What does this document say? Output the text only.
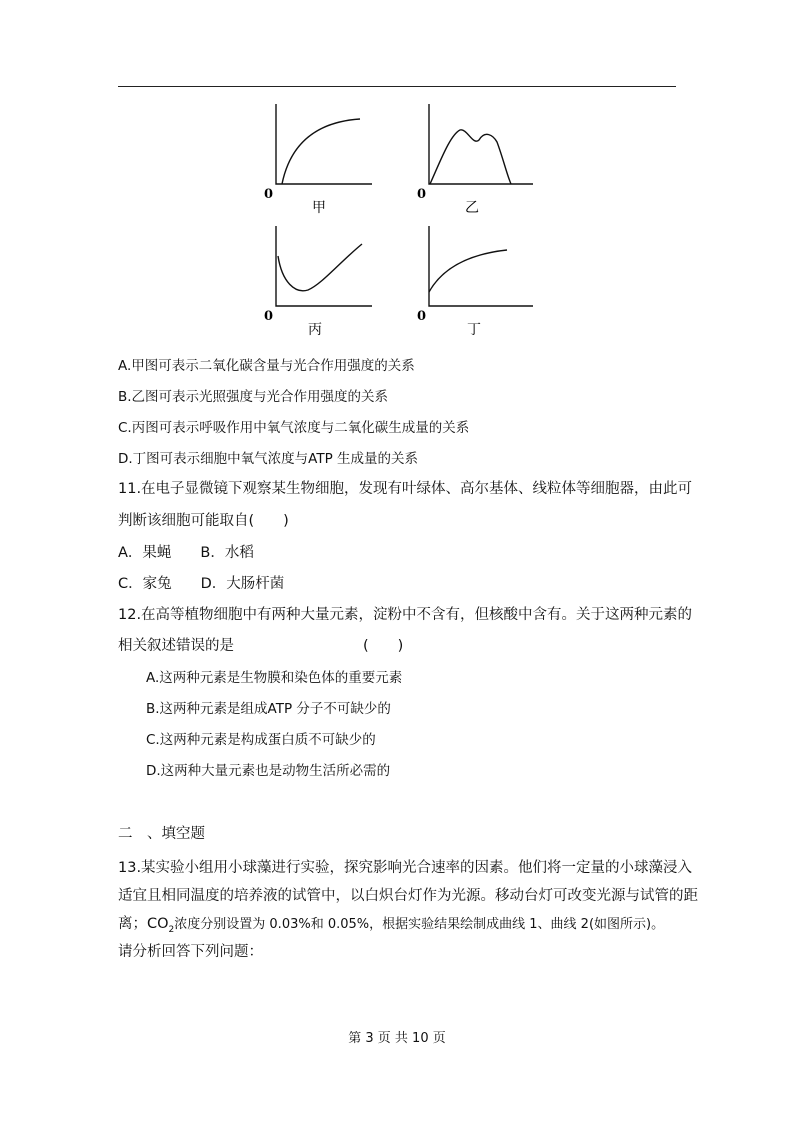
0
甲
0
乙
0
丙
0
丁
A.甲图可表示二氧化碳含量与光合作用强度的关系
B.乙图可表示光照强度与光合作用强度的关系
C.丙图可表示呼吸作用中氧气浓度与二氧化碳生成量的关系
D.丁图可表示细胞中氧气浓度与ATP 生成量的关系
11.在电子显微镜下观察某生物细胞，发现有叶绿体、高尔基体、线粒体等细胞器，由此可
判断该细胞可能取自(　　)
A．果蝇　　B．水稻
C．家兔　　D．大肠杆菌
12.在高等植物细胞中有两种大量元素，淀粉中不含有，但核酸中含有。关于这两种元素的
相关叙述错误的是	(　　)
A.这两种元素是生物膜和染色体的重要元素
B.这两种元素是组成ATP 分子不可缺少的
C.这两种元素是构成蛋白质不可缺少的
D.这两种大量元素也是动物生活所必需的
二　、填空题
13.某实验小组用小球藻进行实验，探究影响光合速率的因素。他们将一定量的小球藻浸入
适宜且相同温度的培养液的试管中，以白炽台灯作为光源。移动台灯可改变光源与试管的距
离；$CO_2$浓度分别设置为 0.03%和 0.05%，根据实验结果绘制成曲线 1、曲线 2(如图所示)。
请分析回答下列问题：
第 3 页 共 10 页
